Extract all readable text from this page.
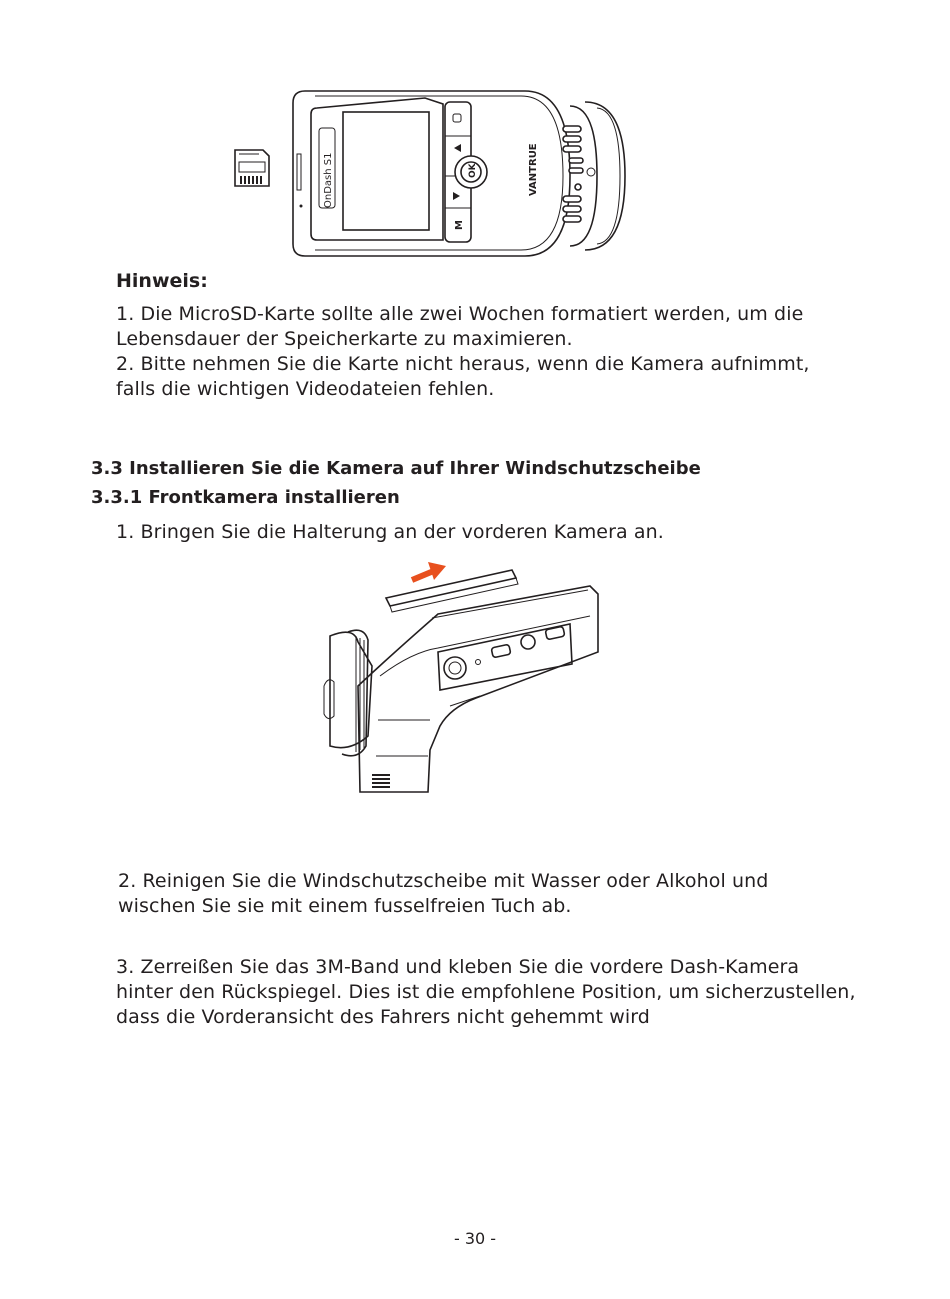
OnDash S1	OK
M
VANTRUE
Hinweis:
1. Die MicroSD-Karte sollte alle zwei Wochen formatiert werden, um die
Lebensdauer der Speicherkarte zu maximieren.
2. Bitte nehmen Sie die Karte nicht heraus, wenn die Kamera aufnimmt,
falls die wichtigen Videodateien fehlen.
3.3 Installieren Sie die Kamera auf Ihrer Windschutzscheibe
3.3.1 Frontkamera installieren
1. Bringen Sie die Halterung an der vorderen Kamera an.
2. Reinigen Sie die Windschutzscheibe mit Wasser oder Alkohol und
wischen Sie sie mit einem fusselfreien Tuch ab.
3. Zerreißen Sie das 3M-Band und kleben Sie die vordere Dash-Kamera
hinter den Rückspiegel. Dies ist die empfohlene Position, um sicherzustellen,
dass die Vorderansicht des Fahrers nicht gehemmt wird
- 30 -
